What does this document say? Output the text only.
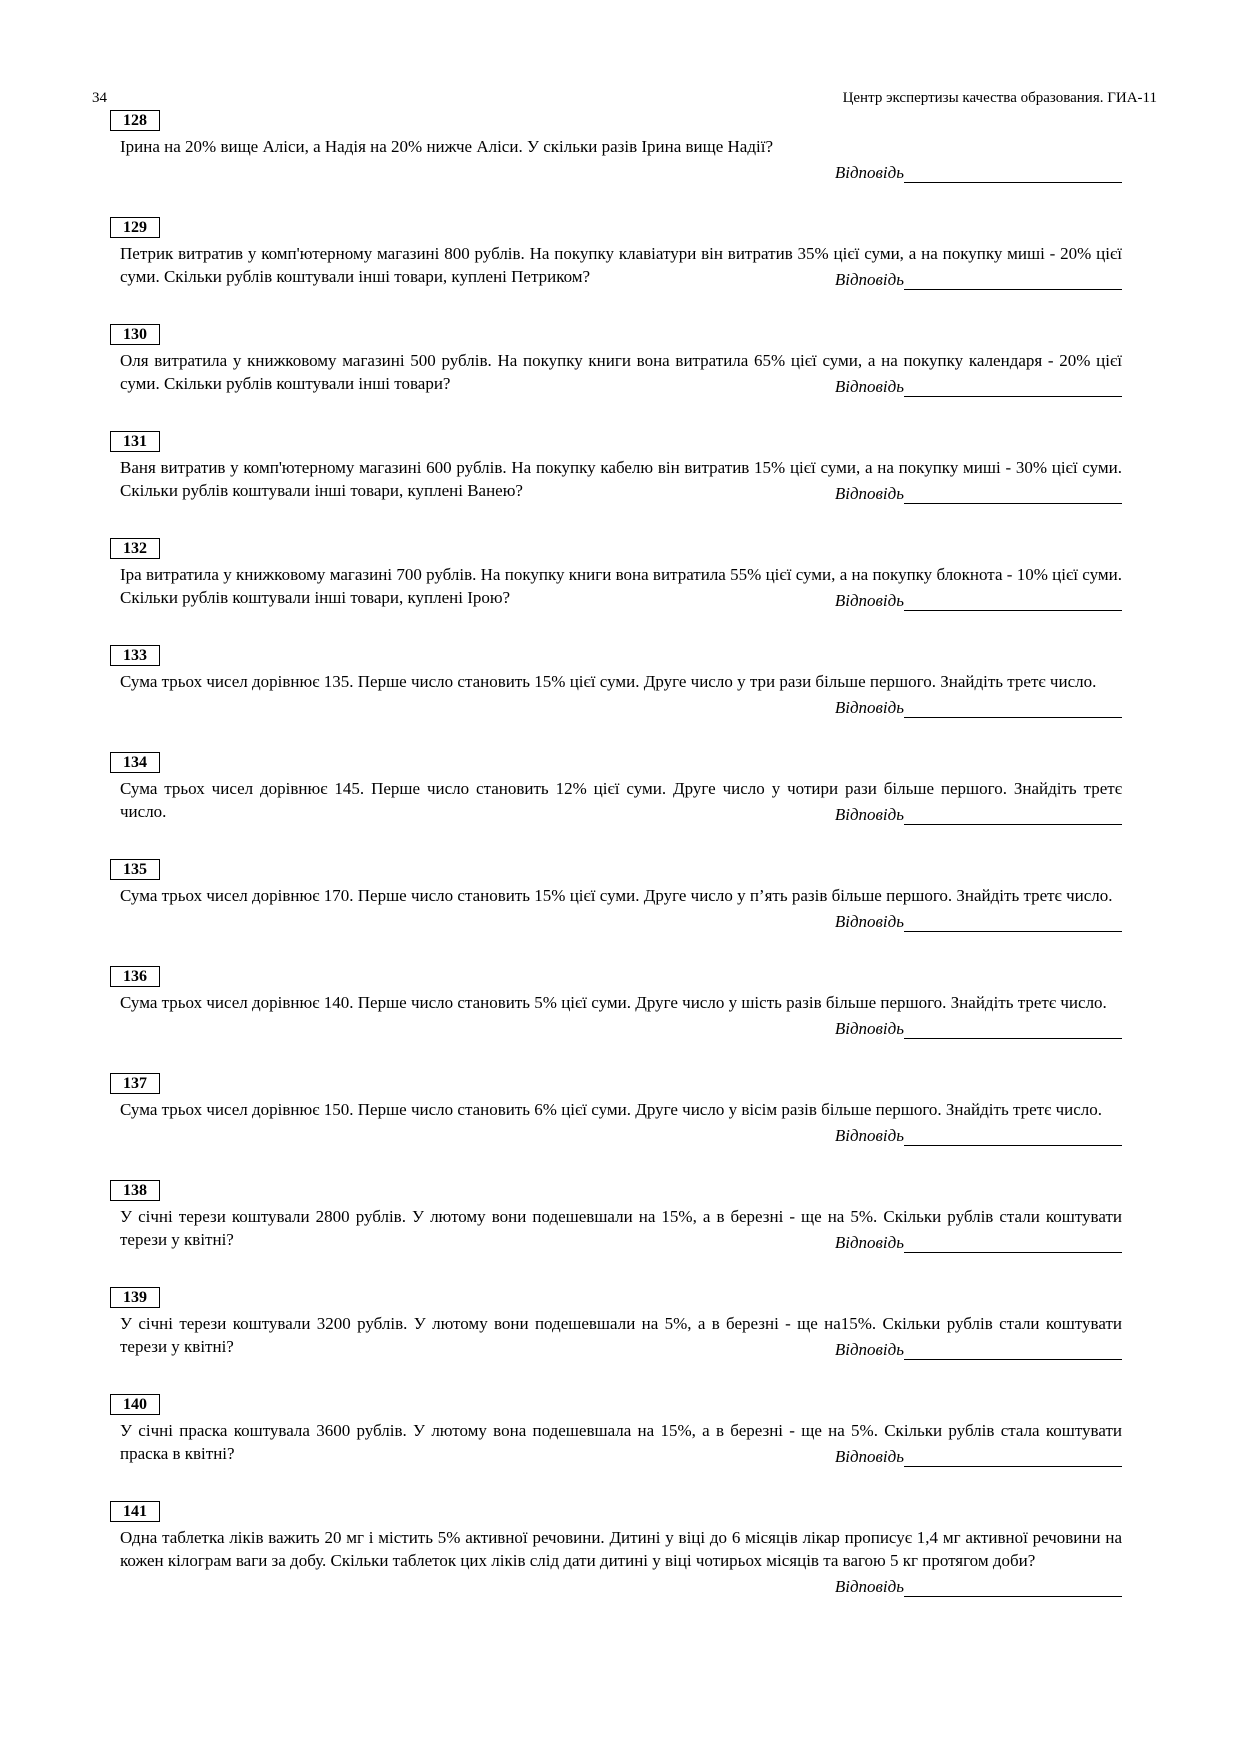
34	Центр экспертизы качества образования. ГИА-11
128

Ірина на 20% вище Аліси, а Надія на 20% нижче Аліси. У скільки разів Ірина вище Надії?

Відповідь
129

Петрик витратив у комп'ютерному магазині 800 рублів. На покупку клавіатури він витратив 35% цієї суми, а на покупку миші - 20% цієї суми. Скільки рублів коштували інші товари, куплені Петриком?	Відповідь
130

Оля витратила у книжковому магазині 500 рублів. На покупку книги вона витратила 65% цієї суми, а на покупку календаря - 20% цієї суми. Скільки рублів коштували інші товари?	Відповідь
131

Ваня витратив у комп'ютерному магазині 600 рублів. На покупку кабелю він витратив 15% цієї суми, а на покупку миші - 30% цієї суми. Скільки рублів коштували інші товари, куплені Ванею?	Відповідь
132

Іра витратила у книжковому магазині 700 рублів. На покупку книги вона витратила 55% цієї суми, а на покупку блокнота - 10% цієї суми. Скільки рублів коштували інші товари, куплені Ірою?	Відповідь
133

Сума трьох чисел дорівнює 135. Перше число становить 15% цієї суми. Друге число у три рази більше першого. Знайдіть третє число.

Відповідь
134

Сума трьох чисел дорівнює 145. Перше число становить 12% цієї суми. Друге число у чотири рази більше першого. Знайдіть третє число.	Відповідь
135

Сума трьох чисел дорівнює 170. Перше число становить 15% цієї суми. Друге число у п’ять разів більше першого. Знайдіть третє число.

Відповідь
136

Сума трьох чисел дорівнює 140. Перше число становить 5% цієї суми. Друге число у шість разів більше першого. Знайдіть третє число.

Відповідь
137

Сума трьох чисел дорівнює 150. Перше число становить 6% цієї суми. Друге число у вісім разів більше першого. Знайдіть третє число.

Відповідь
138

У січні терези коштували 2800 рублів. У лютому вони подешевшали на 15%, а в березні - ще на 5%. Скільки рублів стали коштувати терези у квітні?	Відповідь
139

У січні терези коштували 3200 рублів. У лютому вони подешевшали на 5%, а в березні - ще на15%. Скільки рублів стали коштувати терези у квітні?	Відповідь
140

У січні праска коштувала 3600 рублів. У лютому вона подешевшала на 15%, а в березні - ще на 5%. Скільки рублів стала коштувати праска в квітні?	Відповідь
141

Одна таблетка ліків важить 20 мг і містить 5% активної речовини. Дитині у віці до 6 місяців лікар прописує 1,4 мг активної речовини на кожен кілограм ваги за добу. Скільки таблеток цих ліків слід дати дитині у віці чотирьох місяців та вагою 5 кг протягом доби?

Відповідь
